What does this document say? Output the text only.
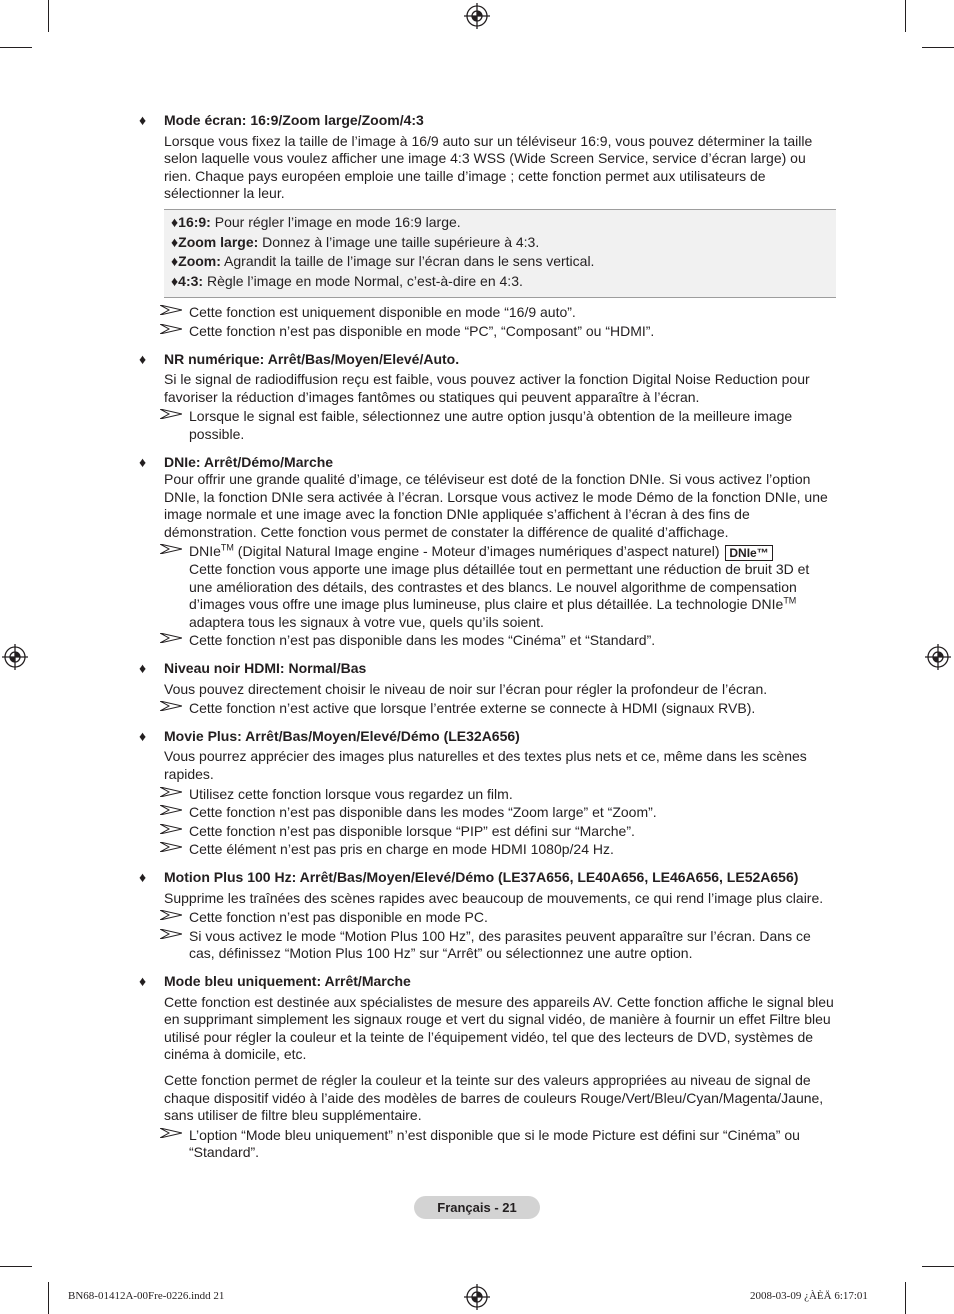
♦ Mode écran: 16:9/Zoom large/Zoom/4:3
Lorsque vous fixez la taille de l’image à 16/9 auto sur un téléviseur 16:9, vous pouvez déterminer la taille selon laquelle vous voulez afficher une image 4:3 WSS (Wide Screen Service, service d’écran large) ou rien. Chaque pays européen emploie une taille d’image ; cette fonction permet aux utilisateurs de sélectionner la leur.
♦16:9: Pour régler l’image en mode 16:9 large.
♦Zoom large: Donnez à l’image une taille supérieure à 4:3.
♦Zoom: Agrandit la taille de l’image sur l’écran dans le sens vertical.
♦4:3: Règle l’image en mode Normal, c’est-à-dire en 4:3.
Cette fonction est uniquement disponible en mode “16/9 auto”.
Cette fonction n’est pas disponible en mode “PC”, “Composant” ou “HDMI”.
♦ NR numérique: Arrêt/Bas/Moyen/Elevé/Auto.
Si le signal de radiodiffusion reçu est faible, vous pouvez activer la fonction Digital Noise Reduction pour favoriser la réduction d’images fantômes ou statiques qui peuvent apparaître à l’écran.
Lorsque le signal est faible, sélectionnez une autre option jusqu’à obtention de la meilleure image possible.
♦ DNIe: Arrêt/Démo/Marche
Pour offrir une grande qualité d’image, ce téléviseur est doté de la fonction DNIe. Si vous activez l’option DNIe, la fonction DNIe sera activée à l’écran. Lorsque vous activez le mode Démo de la fonction DNIe, une image normale et une image avec la fonction DNIe appliquée s’affichent à l’écran à des fins de démonstration. Cette fonction vous permet de constater la différence de qualité d’affichage.
DNIe™ (Digital Natural Image engine - Moteur d’images numériques d’aspect naturel) DNIe™
Cette fonction vous apporte une image plus détaillée tout en permettant une réduction de bruit 3D et une amélioration des détails, des contrastes et des blancs. Le nouvel algorithme de compensation d’images vous offre une image plus lumineuse, plus claire et plus détaillée. La technologie DNIe™ adaptera tous les signaux à votre vue, quels qu’ils soient.
Cette fonction n’est pas disponible dans les modes “Cinéma” et “Standard”.
♦ Niveau noir HDMI: Normal/Bas
Vous pouvez directement choisir le niveau de noir sur l’écran pour régler la profondeur de l’écran.
Cette fonction n’est active que lorsque l’entrée externe se connecte à HDMI (signaux RVB).
♦ Movie Plus: Arrêt/Bas/Moyen/Elevé/Démo (LE32A656)
Vous pourrez apprécier des images plus naturelles et des textes plus nets et ce, même dans les scènes rapides.
Utilisez cette fonction lorsque vous regardez un film.
Cette fonction n’est pas disponible dans les modes “Zoom large” et “Zoom”.
Cette fonction n’est pas disponible lorsque “PIP” est défini sur “Marche”.
Cette élément n’est pas pris en charge en mode HDMI 1080p/24 Hz.
♦ Motion Plus 100 Hz: Arrêt/Bas/Moyen/Elevé/Démo (LE37A656, LE40A656, LE46A656, LE52A656)
Supprime les traînées des scènes rapides avec beaucoup de mouvements, ce qui rend l’image plus claire.
Cette fonction n’est pas disponible en mode PC.
Si vous activez le mode “Motion Plus 100 Hz”, des parasites peuvent apparaître sur l’écran. Dans ce cas, définissez “Motion Plus 100 Hz” sur “Arrêt” ou sélectionnez une autre option.
♦ Mode bleu uniquement: Arrêt/Marche
Cette fonction est destinée aux spécialistes de mesure des appareils AV. Cette fonction affiche le signal bleu en supprimant simplement les signaux rouge et vert du signal vidéo, de manière à fournir un effet Filtre bleu utilisé pour régler la couleur et la teinte de l’équipement vidéo, tel que des lecteurs de DVD, systèmes de cinéma à domicile, etc.
Cette fonction permet de régler la couleur et la teinte sur des valeurs appropriées au niveau de signal de chaque dispositif vidéo à l’aide des modèles de barres de couleurs Rouge/Vert/Bleu/Cyan/Magenta/Jaune, sans utiliser de filtre bleu supplémentaire.
L’option “Mode bleu uniquement” n’est disponible que si le mode Picture est défini sur “Cinéma” ou “Standard”.
Français - 21
BN68-01412A-00Fre-0226.indd 21	2008-03-09 ¿ÀÈÄ 6:17:01
